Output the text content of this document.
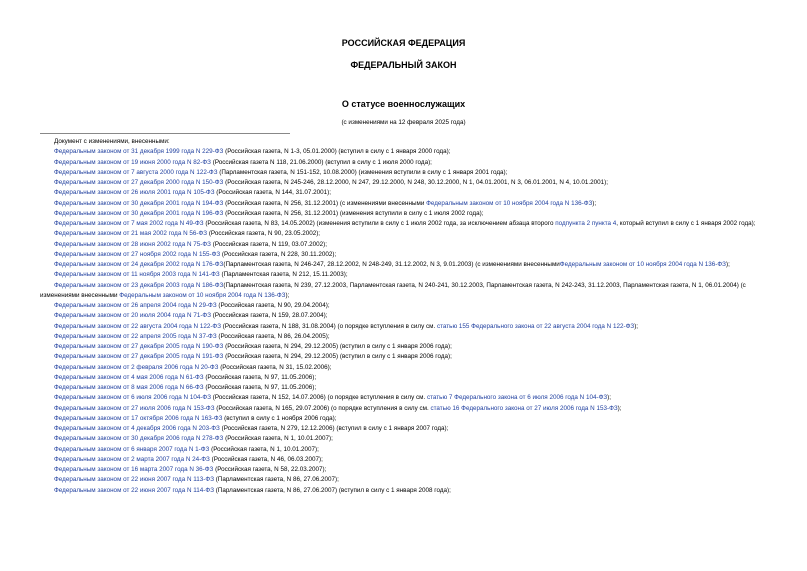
РОССИЙСКАЯ ФЕДЕРАЦИЯ
ФЕДЕРАЛЬНЫЙ ЗАКОН
О статусе военнослужащих
(с изменениями на 12 февраля 2025 года)

Документ с изменениями, внесенными:

Федеральным законом от 31 декабря 1999 года N 229-ФЗ (Российская газета, N 1-3, 05.01.2000) (вступил в силу с 1 января 2000 года);

Федеральным законом от 19 июня 2000 года N 82-ФЗ (Российская газета N 118, 21.06.2000) (вступил в силу с 1 июля 2000 года);

Федеральным законом от 7 августа 2000 года N 122-ФЗ (Парламентская газета, N 151-152, 10.08.2000) (изменения вступили в силу с 1 января 2001 года);

Федеральным законом от 27 декабря 2000 года N 150-ФЗ (Российская газета, N 245-246, 28.12.2000, N 247, 29.12.2000, N 248, 30.12.2000, N 1, 04.01.2001, N 3, 06.01.2001, N 4, 10.01.2001);

Федеральным законом от 26 июля 2001 года N 105-ФЗ (Российская газета, N 144, 31.07.2001);

Федеральным законом от 30 декабря 2001 года N 194-ФЗ (Российская газета, N 256, 31.12.2001) (с изменениями внесенными Федеральным законом от 10 ноября 2004 года N 136-ФЗ);

Федеральным законом от 30 декабря 2001 года N 196-ФЗ (Российская газета, N 256, 31.12.2001) (изменения вступили в силу с 1 июля 2002 года);

Федеральным законом от 7 мая 2002 года N 49-ФЗ (Российская газета, N 83, 14.05.2002) (изменения вступили в силу с 1 июля 2002 года, за исключением абзаца второго подпункта 2 пункта 4, который вступил в силу с 1 января 2002 года);

Федеральным законом от 21 мая 2002 года N 56-ФЗ (Российская газета, N 90, 23.05.2002);

Федеральным законом от 28 июня 2002 года N 75-ФЗ (Российская газета, N 119, 03.07.2002);

Федеральным законом от 27 ноября 2002 года N 155-ФЗ (Российская газета, N 228, 30.11.2002);

Федеральным законом от 24 декабря 2002 года N 176-ФЗ(Парламентская газета, N 246-247, 28.12.2002, N 248-249, 31.12.2002, N 3, 9.01.2003) (с изменениями внесеннымиФедеральным законом от 10 ноября 2004 года N 136-ФЗ);

Федеральным законом от 11 ноября 2003 года N 141-ФЗ (Парламентская газета, N 212, 15.11.2003);

Федеральным законом от 23 декабря 2003 года N 186-ФЗ(Парламентская газета, N 239, 27.12.2003, Парламентская газета, N 240-241, 30.12.2003, Парламентская газета, N 242-243, 31.12.2003, Парламентская газета, N 1, 06.01.2004) (с изменениями внесенными Федеральным законом от 10 ноября 2004 года N 136-ФЗ);

Федеральным законом от 26 апреля 2004 года N 29-ФЗ (Российская газета, N 90, 29.04.2004);

Федеральным законом от 20 июля 2004 года N 71-ФЗ (Российская газета, N 159, 28.07.2004);

Федеральным законом от 22 августа 2004 года N 122-ФЗ (Российская газета, N 188, 31.08.2004) (о порядке вступления в силу см. статью 155 Федерального закона от 22 августа 2004 года N 122-ФЗ);

Федеральным законом от 22 апреля 2005 года N 37-ФЗ (Российская газета, N 86, 26.04.2005);

Федеральным законом от 27 декабря 2005 года N 190-ФЗ (Российская газета, N 294, 29.12.2005) (вступил в силу с 1 января 2006 года);

Федеральным законом от 27 декабря 2005 года N 191-ФЗ (Российская газета, N 294, 29.12.2005) (вступил в силу с 1 января 2006 года);

Федеральным законом от 2 февраля 2006 года N 20-ФЗ (Российская газета, N 31, 15.02.2006);

Федеральным законом от 4 мая 2006 года N 61-ФЗ (Российская газета, N 97, 11.05.2006);

Федеральным законом от 8 мая 2006 года N 66-ФЗ (Российская газета, N 97, 11.05.2006);

Федеральным законом от 6 июля 2006 года N 104-ФЗ (Российская газета, N 152, 14.07.2006) (о порядке вступления в силу см. статью 7 Федерального закона от 6 июля 2006 года N 104-ФЗ);

Федеральным законом от 27 июля 2006 года N 153-ФЗ (Российская газета, N 165, 29.07.2006) (о порядке вступления в силу см. статью 16 Федерального закона от 27 июля 2006 года N 153-ФЗ);

Федеральным законом от 17 октября 2006 года N 163-ФЗ (вступил в силу с 1 ноября 2006 года);

Федеральным законом от 4 декабря 2006 года N 203-ФЗ (Российская газета, N 279, 12.12.2006) (вступил в силу с 1 января 2007 года);

Федеральным законом от 30 декабря 2006 года N 278-ФЗ (Российская газета, N 1, 10.01.2007);

Федеральным законом от 6 января 2007 года N 1-ФЗ (Российская газета, N 1, 10.01.2007);

Федеральным законом от 2 марта 2007 года N 24-ФЗ (Российская газета, N 46, 06.03.2007);

Федеральным законом от 16 марта 2007 года N 36-ФЗ (Российская газета, N 58, 22.03.2007);

Федеральным законом от 22 июня 2007 года N 113-ФЗ (Парламентская газета, N 86, 27.06.2007);

Федеральным законом от 22 июня 2007 года N 114-ФЗ (Парламентская газета, N 86, 27.06.2007) (вступил в силу с 1 января 2008 года);
